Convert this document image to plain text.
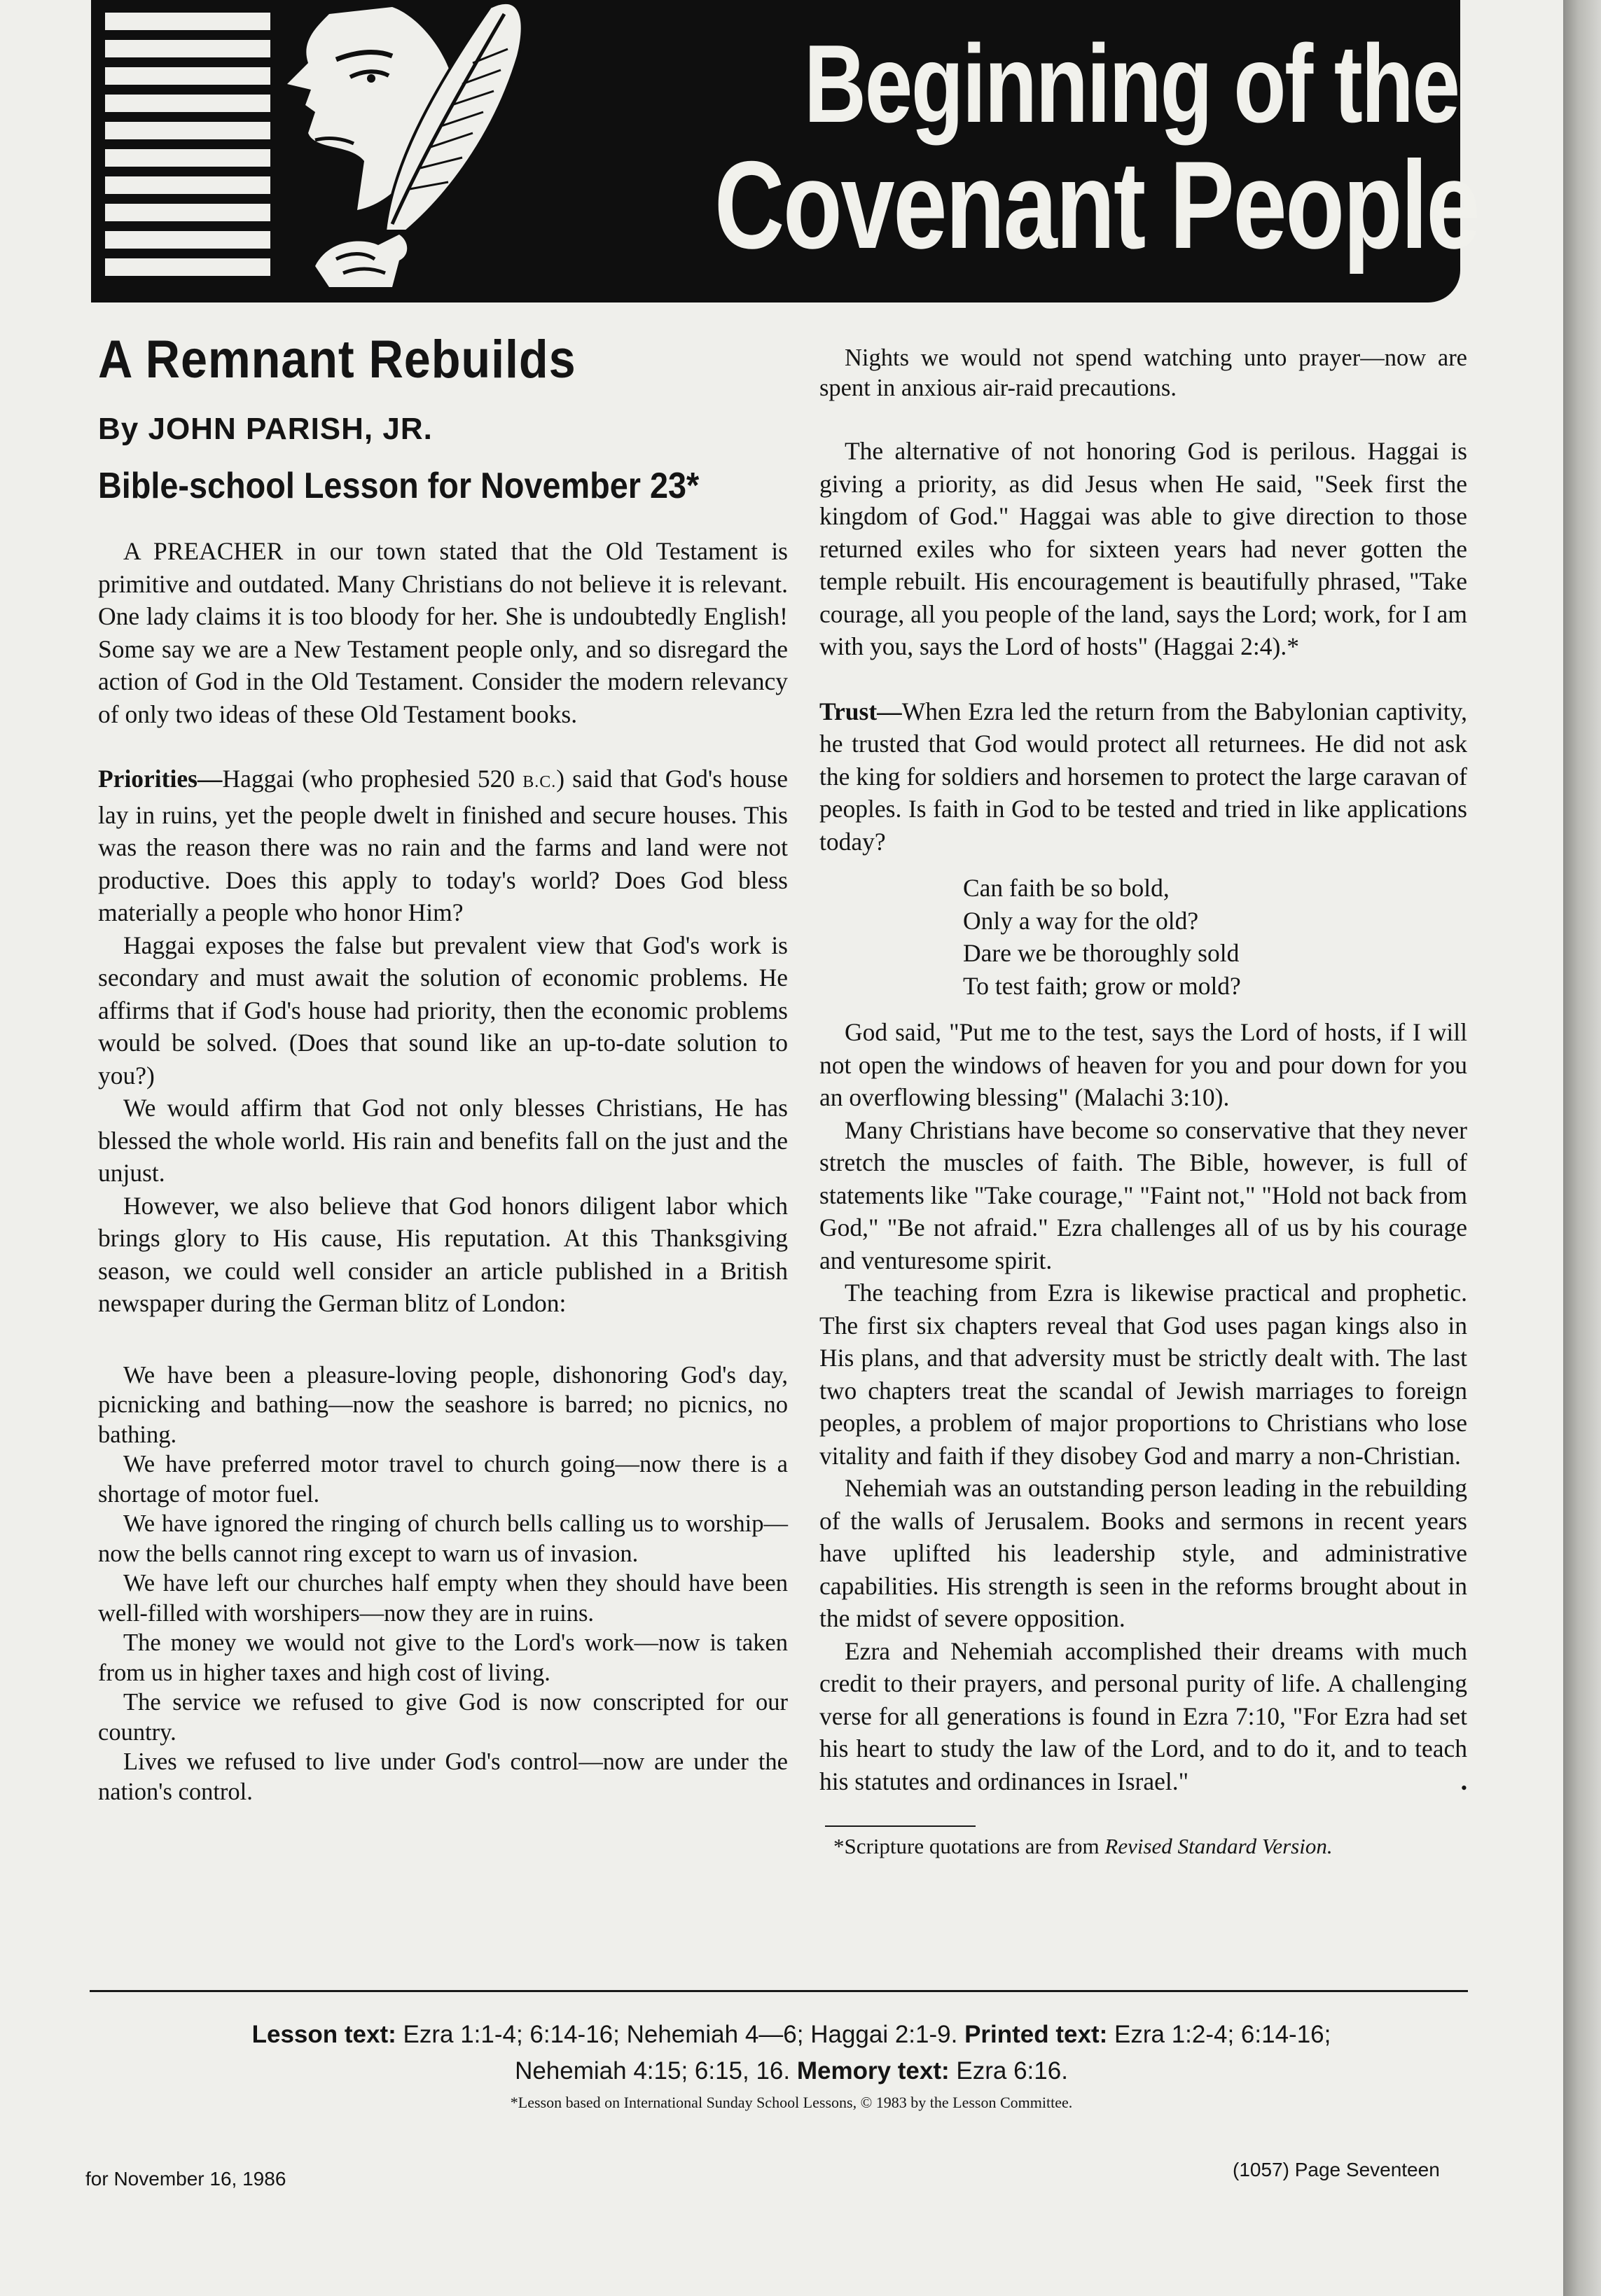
Beginning of the
Covenant People
A Remnant Rebuilds
By JOHN PARISH, JR.
Bible-school Lesson for November 23*

A PREACHER in our town stated that the Old Testament is primitive and outdated. Many Christians do not believe it is relevant. One lady claims it is too bloody for her. She is undoubtedly English! Some say we are a New Testament people only, and so disregard the action of God in the Old Testament. Consider the modern relevancy of only two ideas of these Old Testament books.

Priorities—Haggai (who prophesied 520 B.C.) said that God's house lay in ruins, yet the people dwelt in finished and secure houses. This was the reason there was no rain and the farms and land were not productive. Does this apply to today's world? Does God bless materially a people who honor Him?

Haggai exposes the false but prevalent view that God's work is secondary and must await the solution of economic problems. He affirms that if God's house had priority, then the economic problems would be solved. (Does that sound like an up-to-date solution to you?)

We would affirm that God not only blesses Christians, He has blessed the whole world. His rain and benefits fall on the just and the unjust.

However, we also believe that God honors diligent labor which brings glory to His cause, His reputation. At this Thanksgiving season, we could well consider an article published in a British newspaper during the German blitz of London:

We have been a pleasure-loving people, dishonoring God's day, picnicking and bathing—now the seashore is barred; no picnics, no bathing.

We have preferred motor travel to church going—now there is a shortage of motor fuel.

We have ignored the ringing of church bells calling us to worship—now the bells cannot ring except to warn us of invasion.

We have left our churches half empty when they should have been well-filled with worshipers—now they are in ruins.

The money we would not give to the Lord's work—now is taken from us in higher taxes and high cost of living.

The service we refused to give God is now conscripted for our country.

Lives we refused to live under God's control—now are under the nation's control.

Nights we would not spend watching unto prayer—now are spent in anxious air-raid precautions.

The alternative of not honoring God is perilous. Haggai is giving a priority, as did Jesus when He said, "Seek first the kingdom of God." Haggai was able to give direction to those returned exiles who for sixteen years had never gotten the temple rebuilt. His encouragement is beautifully phrased, "Take courage, all you people of the land, says the Lord; work, for I am with you, says the Lord of hosts" (Haggai 2:4).*

Trust—When Ezra led the return from the Babylonian captivity, he trusted that God would protect all returnees. He did not ask the king for soldiers and horsemen to protect the large caravan of peoples. Is faith in God to be tested and tried in like applications today?

Can faith be so bold,
Only a way for the old?
Dare we be thoroughly sold
To test faith; grow or mold?

God said, "Put me to the test, says the Lord of hosts, if I will not open the windows of heaven for you and pour down for you an overflowing blessing" (Malachi 3:10).

Many Christians have become so conservative that they never stretch the muscles of faith. The Bible, however, is full of statements like "Take courage," "Faint not," "Hold not back from God," "Be not afraid." Ezra challenges all of us by his courage and venturesome spirit.

The teaching from Ezra is likewise practical and prophetic. The first six chapters reveal that God uses pagan kings also in His plans, and that adversity must be strictly dealt with. The last two chapters treat the scandal of Jewish marriages to foreign peoples, a problem of major proportions to Christians who lose vitality and faith if they disobey God and marry a non-Christian.

Nehemiah was an outstanding person leading in the rebuilding of the walls of Jerusalem. Books and sermons in recent years have uplifted his leadership style, and administrative capabilities. His strength is seen in the reforms brought about in the midst of severe opposition.

Ezra and Nehemiah accomplished their dreams with much credit to their prayers, and personal purity of life. A challenging verse for all generations is found in Ezra 7:10, "For Ezra had set his heart to study the law of the Lord, and to do it, and to teach his statutes and ordinances in Israel."	•

*Scripture quotations are from Revised Standard Version.
Lesson text: Ezra 1:1-4; 6:14-16; Nehemiah 4—6; Haggai 2:1-9. Printed text: Ezra 1:2-4; 6:14-16;
Nehemiah 4:15; 6:15, 16. Memory text: Ezra 6:16.
*Lesson based on International Sunday School Lessons, © 1983 by the Lesson Committee.
for November 16, 1986	(1057) Page Seventeen
